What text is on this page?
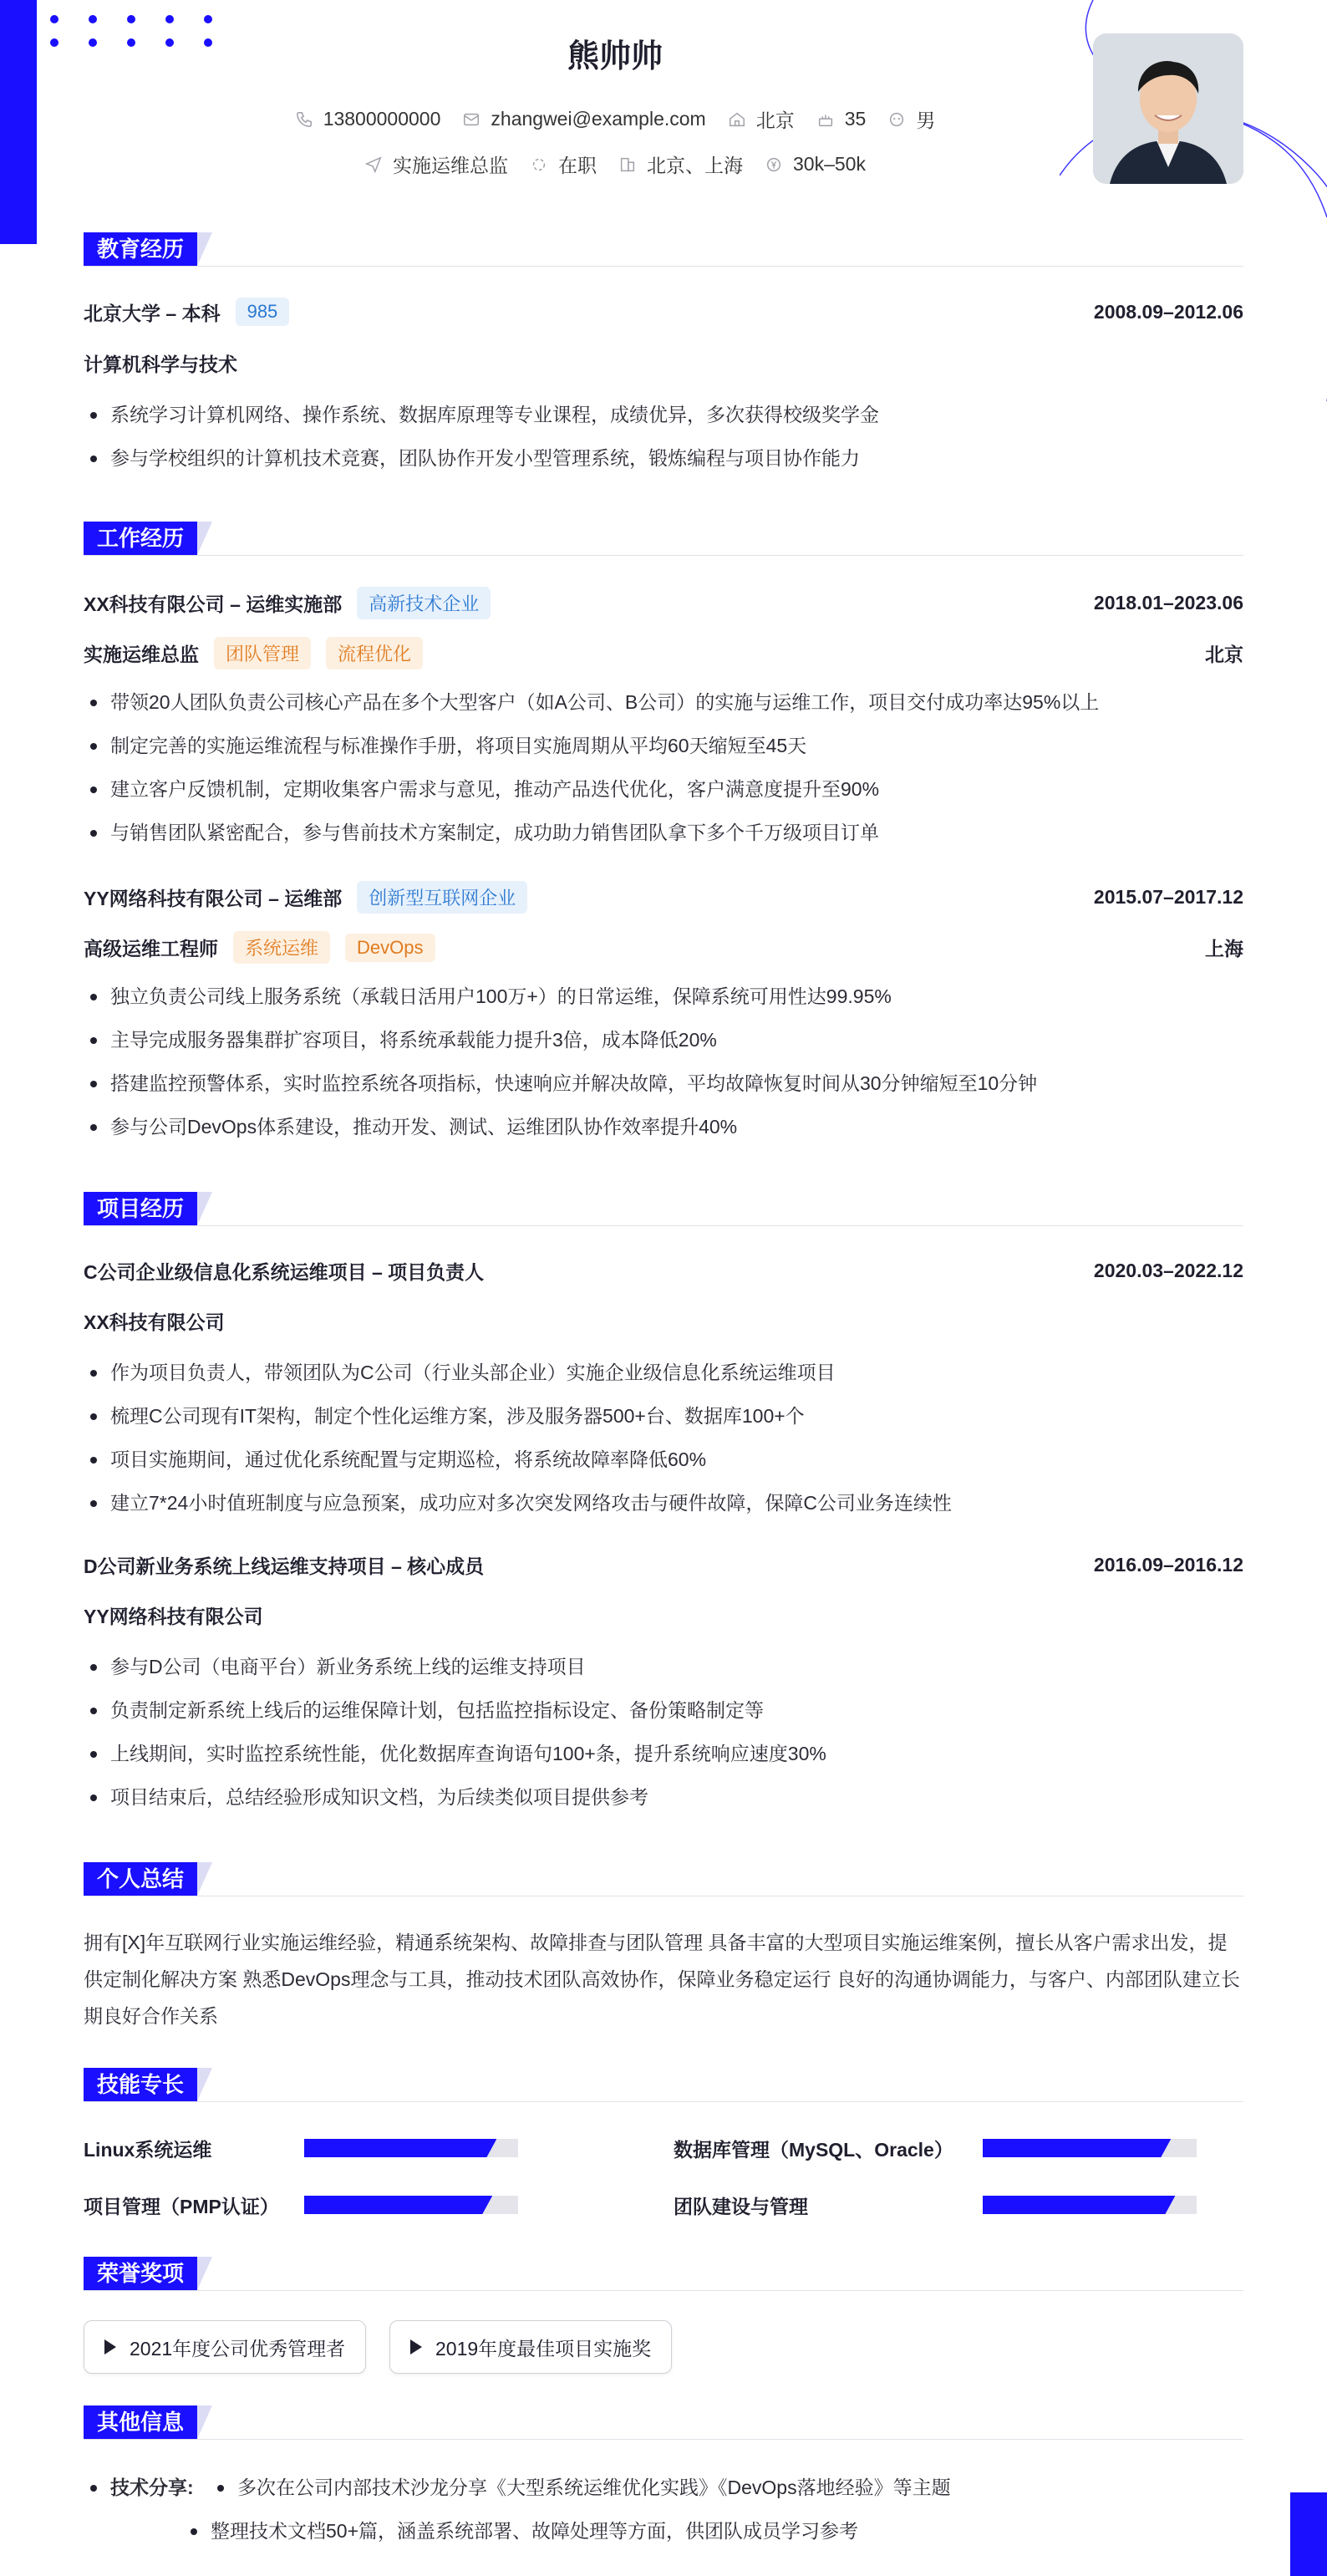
熊帅帅
13800000000	zhangwei@example.com	北京	35	男
实施运维总监	在职	北京、上海	30k–50k
教育经历
北京大学 – 本科	985	2008.09–2012.06
计算机科学与技术
系统学习计算机网络、操作系统、数据库原理等专业课程，成绩优异，多次获得校级奖学金
参与学校组织的计算机技术竞赛，团队协作开发小型管理系统，锻炼编程与项目协作能力
工作经历
XX科技有限公司 – 运维实施部	高新技术企业	2018.01–2023.06
实施运维总监	团队管理	流程优化	北京
带领20人团队负责公司核心产品在多个大型客户（如A公司、B公司）的实施与运维工作，项目交付成功率达95%以上
制定完善的实施运维流程与标准操作手册，将项目实施周期从平均60天缩短至45天
建立客户反馈机制，定期收集客户需求与意见，推动产品迭代优化，客户满意度提升至90%
与销售团队紧密配合，参与售前技术方案制定，成功助力销售团队拿下多个千万级项目订单
YY网络科技有限公司 – 运维部	创新型互联网企业	2015.07–2017.12
高级运维工程师	系统运维	DevOps	上海
独立负责公司线上服务系统（承载日活用户100万+）的日常运维，保障系统可用性达99.95%
主导完成服务器集群扩容项目，将系统承载能力提升3倍，成本降低20%
搭建监控预警体系，实时监控系统各项指标，快速响应并解决故障，平均故障恢复时间从30分钟缩短至10分钟
参与公司DevOps体系建设，推动开发、测试、运维团队协作效率提升40%
项目经历
C公司企业级信息化系统运维项目 – 项目负责人	2020.03–2022.12
XX科技有限公司
作为项目负责人，带领团队为C公司（行业头部企业）实施企业级信息化系统运维项目
梳理C公司现有IT架构，制定个性化运维方案，涉及服务器500+台、数据库100+个
项目实施期间，通过优化系统配置与定期巡检，将系统故障率降低60%
建立7*24小时值班制度与应急预案，成功应对多次突发网络攻击与硬件故障，保障C公司业务连续性
D公司新业务系统上线运维支持项目 – 核心成员	2016.09–2016.12
YY网络科技有限公司
参与D公司（电商平台）新业务系统上线的运维支持项目
负责制定新系统上线后的运维保障计划，包括监控指标设定、备份策略制定等
上线期间，实时监控系统性能，优化数据库查询语句100+条，提升系统响应速度30%
项目结束后，总结经验形成知识文档，为后续类似项目提供参考
个人总结
拥有[X]年互联网行业实施运维经验，精通系统架构、故障排查与团队管理 具备丰富的大型项目实施运维案例，擅长从客户需求出发，提供定制化解决方案 熟悉DevOps理念与工具，推动技术团队高效协作，保障业务稳定运行 良好的沟通协调能力，与客户、内部团队建立长期良好合作关系
技能专长
Linux系统运维	数据库管理（MySQL、Oracle）
项目管理（PMP认证）	团队建设与管理
荣誉奖项
2021年度公司优秀管理者	2019年度最佳项目实施奖
其他信息
技术分享:	多次在公司内部技术沙龙分享《大型系统运维优化实践》《DevOps落地经验》等主题
整理技术文档50+篇，涵盖系统部署、故障处理等方面，供团队成员学习参考
